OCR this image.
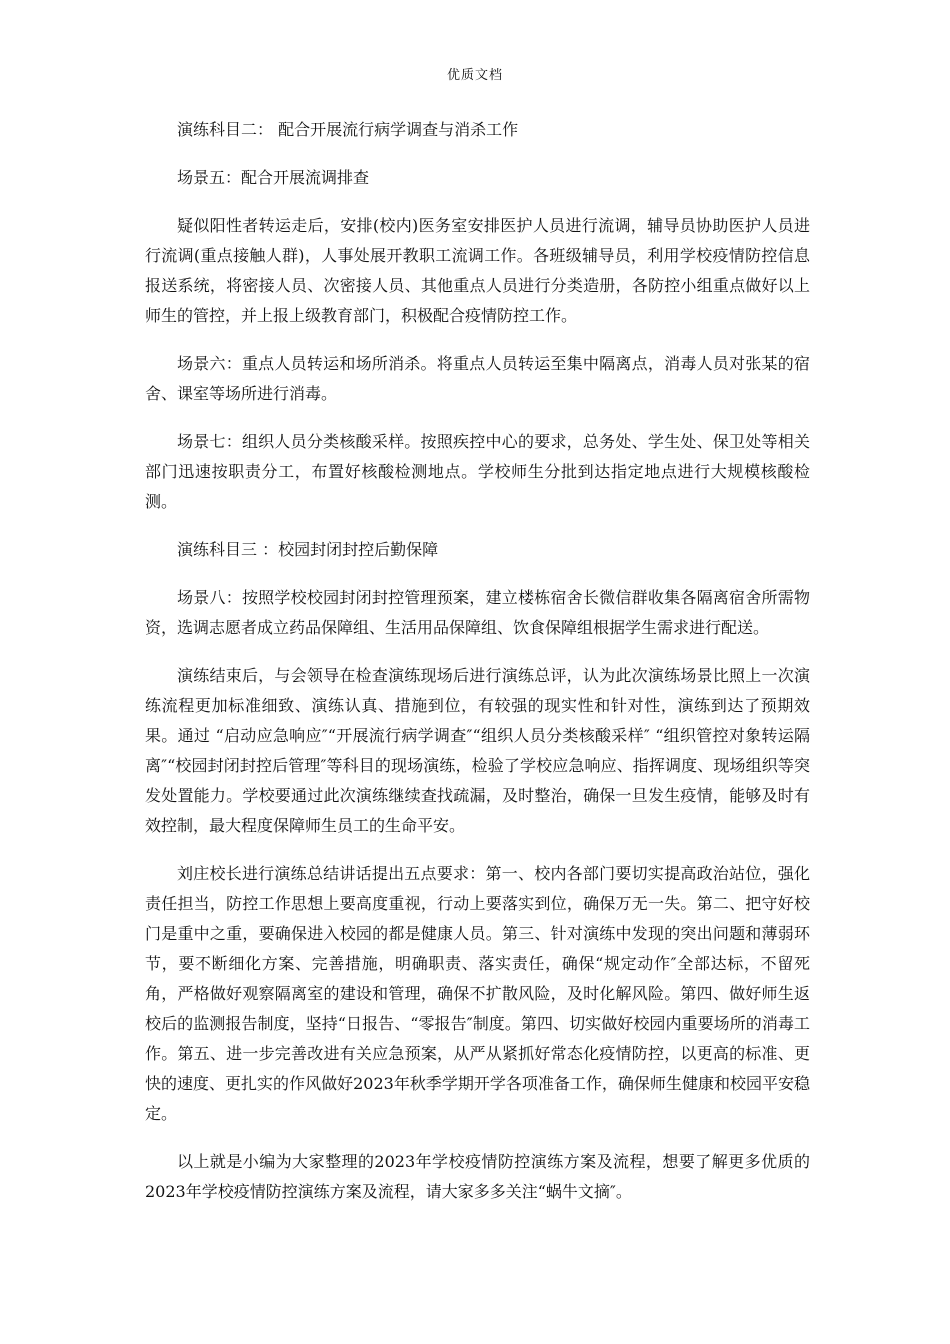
优质文档

演练科目二： 配合开展流行病学调查与消杀工作

场景五：配合开展流调排查

疑似阳性者转运走后，安排(校内)医务室安排医护人员进行流调，辅导员协助医护人员进行流调(重点接触人群)，人事处展开教职工流调工作。各班级辅导员，利用学校疫情防控信息报送系统，将密接人员、次密接人员、其他重点人员进行分类造册，各防控小组重点做好以上师生的管控，并上报上级教育部门，积极配合疫情防控工作。

场景六：重点人员转运和场所消杀。将重点人员转运至集中隔离点，消毒人员对张某的宿舍、课室等场所进行消毒。

场景七：组织人员分类核酸采样。按照疾控中心的要求，总务处、学生处、保卫处等相关部门迅速按职责分工，布置好核酸检测地点。学校师生分批到达指定地点进行大规模核酸检测。

演练科目三 ：校园封闭封控后勤保障

场景八：按照学校校园封闭封控管理预案，建立楼栋宿舍长微信群收集各隔离宿舍所需物资，选调志愿者成立药品保障组、生活用品保障组、饮食保障组根据学生需求进行配送。

演练结束后，与会领导在检查演练现场后进行演练总评，认为此次演练场景比照上一次演练流程更加标准细致、演练认真、措施到位，有较强的现实性和针对性，演练到达了预期效果。通过 “启动应急响应″“开展流行病学调查″“组织人员分类核酸采样″ “组织管控对象转运隔离″“校园封闭封控后管理″等科目的现场演练，检验了学校应急响应、指挥调度、现场组织等突发处置能力。学校要通过此次演练继续查找疏漏，及时整治，确保一旦发生疫情，能够及时有效控制，最大程度保障师生员工的生命平安。

刘庄校长进行演练总结讲话提出五点要求：第一、校内各部门要切实提高政治站位，强化责任担当，防控工作思想上要高度重视，行动上要落实到位，确保万无一失。第二、把守好校门是重中之重，要确保进入校园的都是健康人员。第三、针对演练中发现的突出问题和薄弱环节，要不断细化方案、完善措施，明确职责、落实责任，确保“规定动作″全部达标，不留死角，严格做好观察隔离室的建设和管理，确保不扩散风险，及时化解风险。第四、做好师生返校后的监测报告制度，坚持“日报告、“零报告″制度。第四、切实做好校园内重要场所的消毒工作。第五、进一步完善改进有关应急预案，从严从紧抓好常态化疫情防控，以更高的标准、更快的速度、更扎实的作风做好2023年秋季学期开学各项准备工作，确保师生健康和校园平安稳定。

以上就是小编为大家整理的2023年学校疫情防控演练方案及流程，想要了解更多优质的2023年学校疫情防控演练方案及流程，请大家多多关注“蜗牛文摘″。
